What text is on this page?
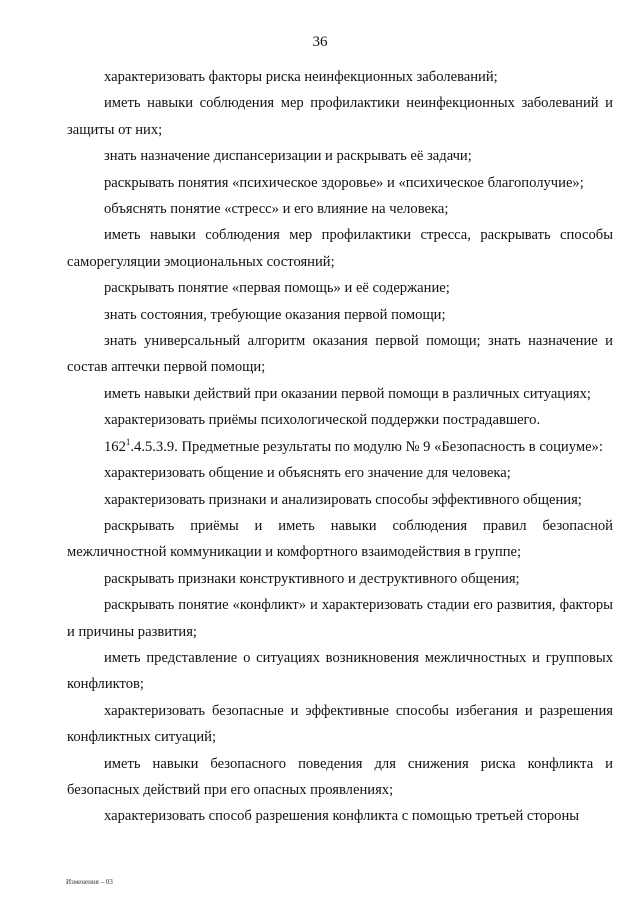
36

характеризовать факторы риска неинфекционных заболеваний;

иметь навыки соблюдения мер профилактики неинфекционных заболеваний и защиты от них;

знать назначение диспансеризации и раскрывать её задачи;

раскрывать понятия «психическое здоровье» и «психическое благополучие»;

объяснять понятие «стресс» и его влияние на человека;

иметь навыки соблюдения мер профилактики стресса, раскрывать способы саморегуляции эмоциональных состояний;

раскрывать понятие «первая помощь» и её содержание;

знать состояния, требующие оказания первой помощи;

знать универсальный алгоритм оказания первой помощи; знать назначение и состав аптечки первой помощи;

иметь навыки действий при оказании первой помощи в различных ситуациях;

характеризовать приёмы психологической поддержки пострадавшего.

$162^1.4.5.3.9$. Предметные результаты по модулю № 9 «Безопасность в социуме»:

характеризовать общение и объяснять его значение для человека;

характеризовать признаки и анализировать способы эффективного общения;

раскрывать приёмы и иметь навыки соблюдения правил безопасной межличностной коммуникации и комфортного взаимодействия в группе;

раскрывать признаки конструктивного и деструктивного общения;

раскрывать понятие «конфликт» и характеризовать стадии его развития, факторы и причины развития;

иметь представление о ситуациях возникновения межличностных и групповых конфликтов;

характеризовать безопасные и эффективные способы избегания и разрешения конфликтных ситуаций;

иметь навыки безопасного поведения для снижения риска конфликта и безопасных действий при его опасных проявлениях;

характеризовать способ разрешения конфликта с помощью третьей стороны

Изменения – 03
